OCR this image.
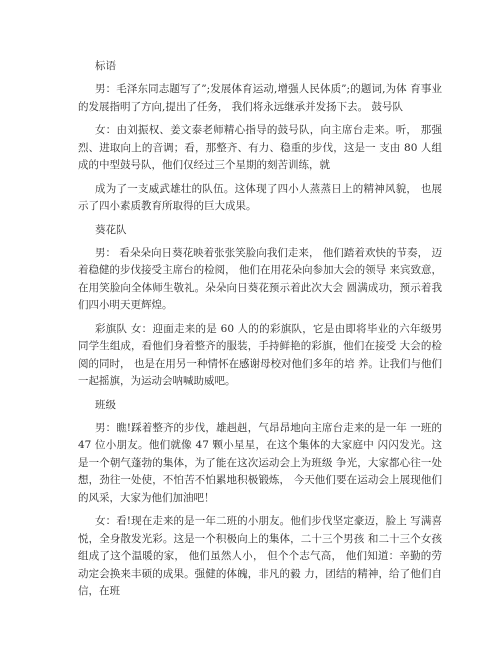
标语

男：毛泽东同志题写了”;发展体育运动,增强人民体质”;的题词,为体 育事业的发展指明了方向,提出了任务， 我们将永远继承并发扬下去。 鼓号队

女：由刘振权、姜文泰老师精心指导的鼓号队，向主席台走来。听， 那强烈、进取向上的音调；看，那整齐、有力、稳重的步伐，这是一 支由 80 人组成的中型鼓号队，他们仅经过三个星期的刻苦训练，就

成为了一支威武雄壮的队伍。这体现了四小人蒸蒸日上的精神风貌， 也展示了四小素质教育所取得的巨大成果。

葵花队

男： 看朵朵向日葵花映着张张笑脸向我们走来， 他们踏着欢快的节奏， 迈着稳健的步伐接受主席台的检阅， 他们在用花朵向参加大会的领导 来宾致意，在用笑脸向全体师生敬礼。朵朵向日葵花预示着此次大会 圆满成功，预示着我们四小明天更辉煌。

彩旗队 女：迎面走来的是 60 人的的彩旗队，它是由即将毕业的六年级男 同学生组成，看他们身着整齐的服装，手持鲜艳的彩旗，他们在接受 大会的检阅的同时， 也是在用另一种情怀在感谢母校对他们多年的培 养。让我们与他们一起摇旗，为运动会呐喊助威吧。

班级

男：瞧!踩着整齐的步伐，雄赳赳，气昂昂地向主席台走来的是一年 一班的 47 位小朋友。他们就像 47 颗小星星，在这个集体的大家庭中 闪闪发光。这是一个朝气蓬勃的集体，为了能在这次运动会上为班级 争光，大家都心往一处想，劲往一处使，不怕苦不怕累地积极锻炼， 今天他们要在运动会上展现他们的风采，大家为他们加油吧！

女：看!现在走来的是一年二班的小朋友。他们步伐坚定豪迈，脸上 写满喜悦，全身散发光彩。这是一个积极向上的集体，二十三个男孩 和二十三个女孩组成了这个温暖的家， 他们虽然人小， 但个个志气高， 他们知道：辛勤的劳动定会换来丰硕的成果。强健的体魄，非凡的毅 力，团结的精神，给了他们自信，在班
